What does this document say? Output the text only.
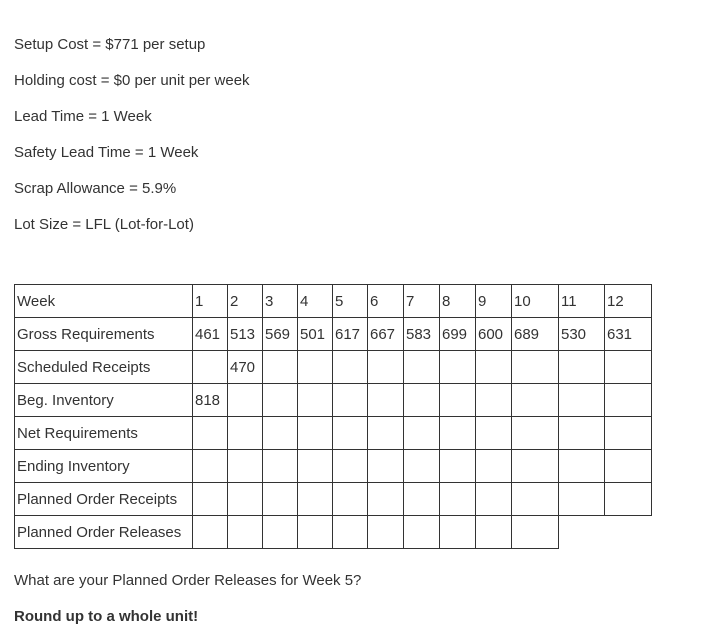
Setup Cost = $771 per setup

Holding cost = $0 per unit per week

Lead Time = 1 Week

Safety Lead Time = 1 Week

Scrap Allowance = 5.9%

Lot Size = LFL (Lot-for-Lot)

Week	1	2	3	4	5	6	7	8	9	10	11	12
Gross Requirements	461	513	569	501	617	667	583	699	600	689	530	631
Scheduled Receipts		470										
Beg. Inventory	818											
Net Requirements												
Ending Inventory												
Planned Order Receipts												
Planned Order Releases												

What are your Planned Order Releases for Week 5?

Round up to a whole unit!
